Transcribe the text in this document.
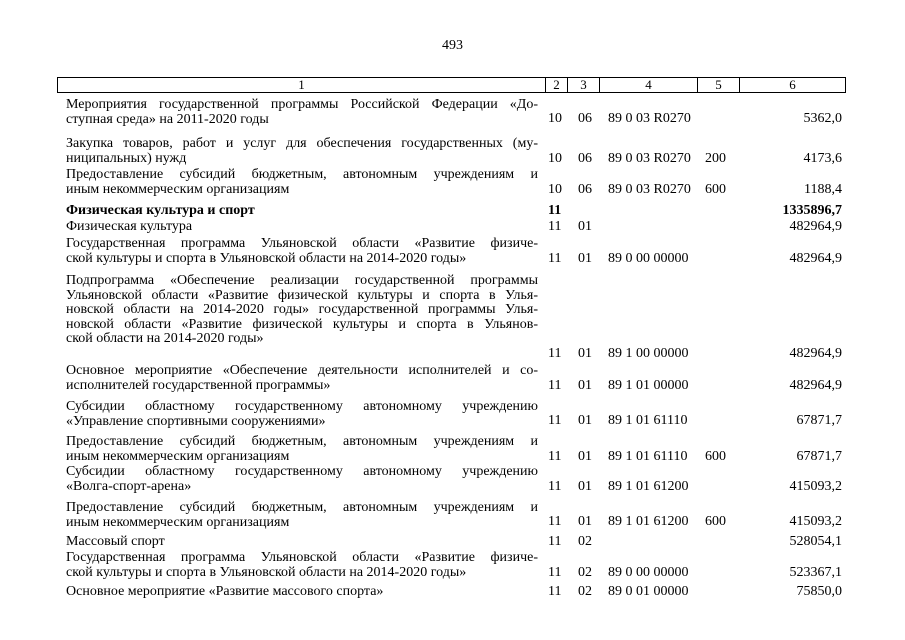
493
1	2	3	4	5	6
Мероприятия государственной программы Российской Федерации «До-
ступная среда» на 2011-2020 годы	10 06 89 0 03 R0270	5362,0
Закупка товаров, работ и услуг для обеспечения государственных (му-
ниципальных) нужд	10 06 89 0 03 R0270 200	4173,6
Предоставление субсидий бюджетным, автономным учреждениям и
иным некоммерческим организациям	10 06 89 0 03 R0270 600	1188,4
Физическая культура и спорт	11	1335896,7
Физическая культура	11 01	482964,9
Государственная программа Ульяновской области «Развитие физиче-
ской культуры и спорта в Ульяновской области на 2014-2020 годы»	11 01 89 0 00 00000	482964,9
Подпрограмма «Обеспечение реализации государственной программы
Ульяновской области «Развитие физической культуры и спорта в Улья-
новской области на 2014-2020 годы» государственной программы Улья-
новской области «Развитие физической культуры и спорта в Ульянов-
ской области на 2014-2020 годы»
11 01 89 1 00 00000	482964,9
Основное мероприятие «Обеспечение деятельности исполнителей и со-
исполнителей государственной программы»	11 01 89 1 01 00000	482964,9
Субсидии областному государственному автономному учреждению
«Управление спортивными сооружениями»	11 01 89 1 01 61110	67871,7
Предоставление субсидий бюджетным, автономным учреждениям и
иным некоммерческим организациям	11 01 89 1 01 61110 600	67871,7
Субсидии областному государственному автономному учреждению
«Волга-спорт-арена»	11 01 89 1 01 61200	415093,2
Предоставление субсидий бюджетным, автономным учреждениям и
иным некоммерческим организациям	11 01 89 1 01 61200 600	415093,2
Массовый спорт	11 02	528054,1
Государственная программа Ульяновской области «Развитие физиче-
ской культуры и спорта в Ульяновской области на 2014-2020 годы»	11 02 89 0 00 00000	523367,1
Основное мероприятие «Развитие массового спорта»	11 02 89 0 01 00000	75850,0
